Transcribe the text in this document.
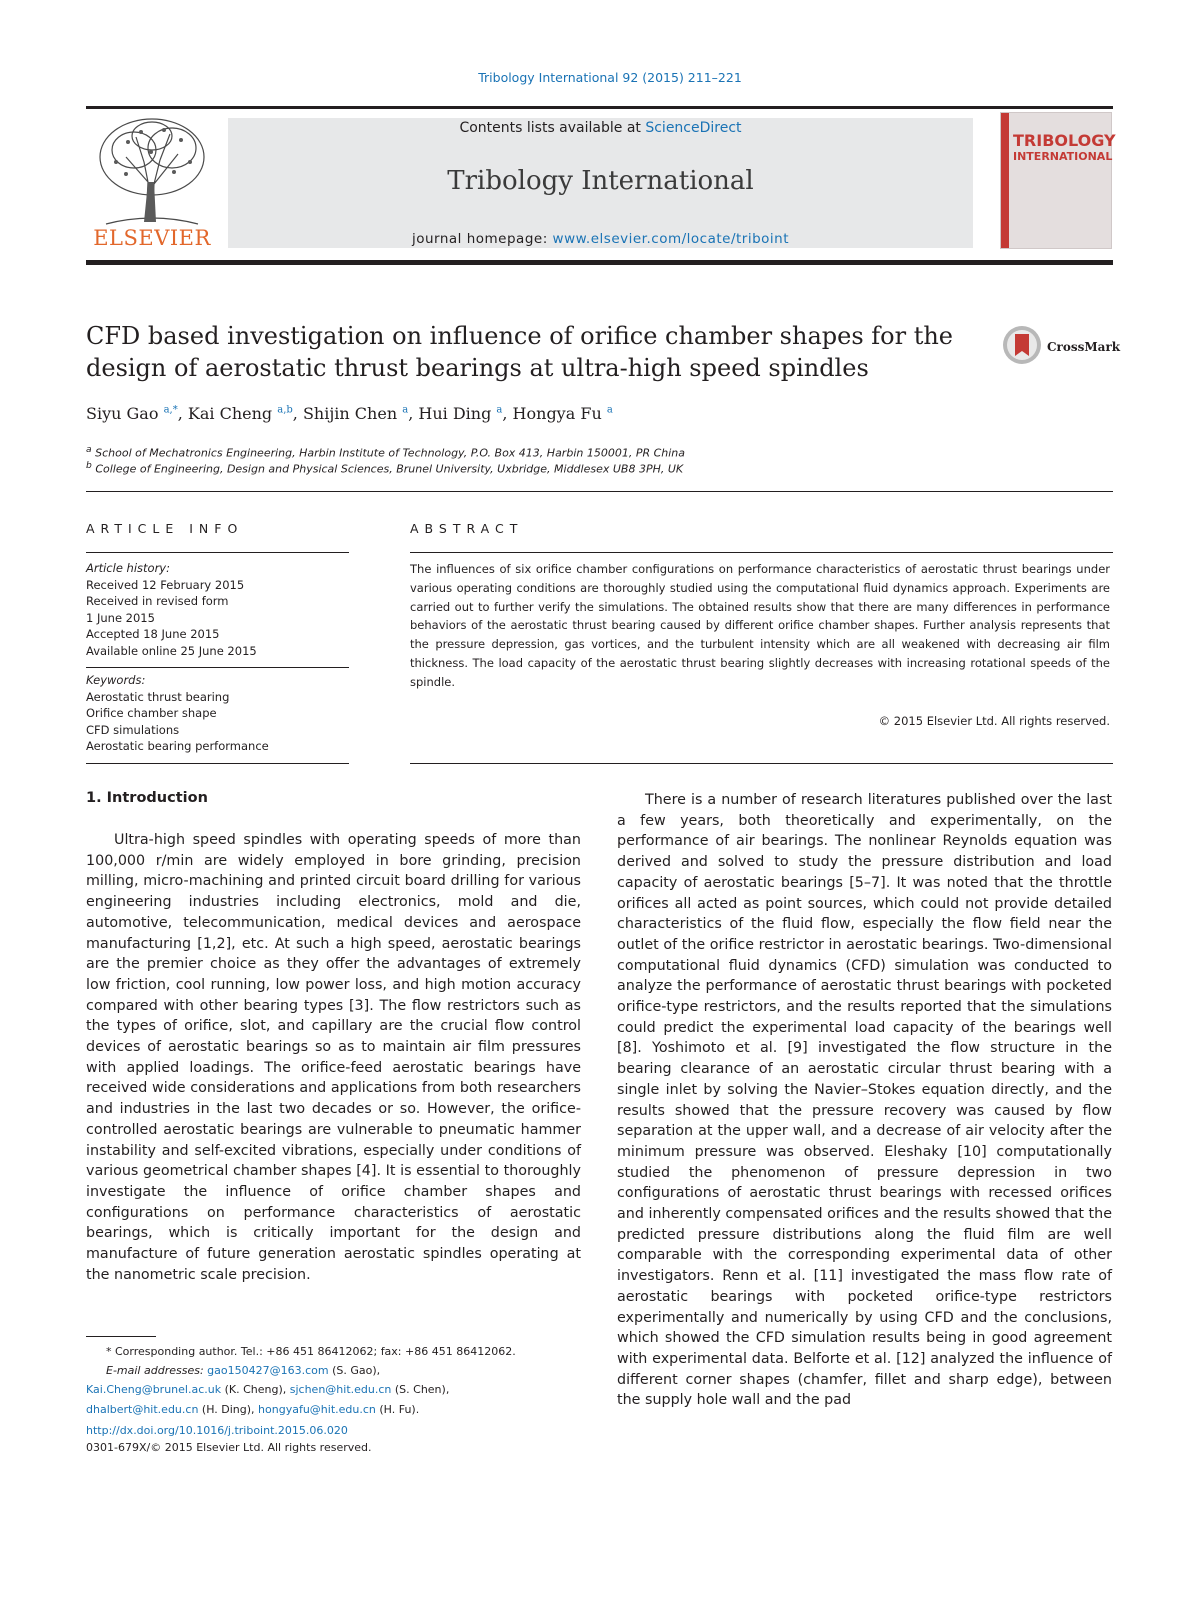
Tribology International 92 (2015) 211–221
ELSEVIER
Contents lists available at ScienceDirect
Tribology International
journal homepage: www.elsevier.com/locate/triboint
TRIBOLOGY
INTERNATIONAL
CFD based investigation on influence of orifice chamber shapes for the design of aerostatic thrust bearings at ultra-high speed spindles
CrossMark
Siyu Gao $^{a,*}$, Kai Cheng $^{a,b}$, Shijin Chen $^a$, Hui Ding $^a$, Hongya Fu $^a$
$^a$ School of Mechatronics Engineering, Harbin Institute of Technology, P.O. Box 413, Harbin 150001, PR China
$^b$ College of Engineering, Design and Physical Sciences, Brunel University, Uxbridge, Middlesex UB8 3PH, UK
ARTICLE INFO	ABSTRACT
Article history:
Received 12 February 2015
Received in revised form
1 June 2015
Accepted 18 June 2015
Available online 25 June 2015
Keywords:
Aerostatic thrust bearing
Orifice chamber shape
CFD simulations
Aerostatic bearing performance
The influences of six orifice chamber configurations on performance characteristics of aerostatic thrust bearings under various operating conditions are thoroughly studied using the computational fluid dynamics approach. Experiments are carried out to further verify the simulations. The obtained results show that there are many differences in performance behaviors of the aerostatic thrust bearing caused by different orifice chamber shapes. Further analysis represents that the pressure depression, gas vortices, and the turbulent intensity which are all weakened with decreasing air film thickness. The load capacity of the aerostatic thrust bearing slightly decreases with increasing rotational speeds of the spindle.
© 2015 Elsevier Ltd. All rights reserved.
1. Introduction
Ultra-high speed spindles with operating speeds of more than 100,000 r/min are widely employed in bore grinding, precision milling, micro-machining and printed circuit board drilling for various engineering industries including electronics, mold and die, automotive, telecommunication, medical devices and aerospace manufacturing [1,2], etc. At such a high speed, aerostatic bearings are the premier choice as they offer the advantages of extremely low friction, cool running, low power loss, and high motion accuracy compared with other bearing types [3]. The flow restrictors such as the types of orifice, slot, and capillary are the crucial flow control devices of aerostatic bearings so as to maintain air film pressures with applied loadings. The orifice-feed aerostatic bearings have received wide considerations and applications from both researchers and industries in the last two decades or so. However, the orifice-controlled aerostatic bearings are vulnerable to pneumatic hammer instability and self-excited vibrations, especially under conditions of various geometrical chamber shapes [4]. It is essential to thoroughly investigate the influence of orifice chamber shapes and configurations on performance characteristics of aerostatic bearings, which is critically important for the design and manufacture of future generation aerostatic spindles operating at the nanometric scale precision.
There is a number of research literatures published over the last a few years, both theoretically and experimentally, on the performance of air bearings. The nonlinear Reynolds equation was derived and solved to study the pressure distribution and load capacity of aerostatic bearings [5–7]. It was noted that the throttle orifices all acted as point sources, which could not provide detailed characteristics of the fluid flow, especially the flow field near the outlet of the orifice restrictor in aerostatic bearings. Two-dimensional computational fluid dynamics (CFD) simulation was conducted to analyze the performance of aerostatic thrust bearings with pocketed orifice-type restrictors, and the results reported that the simulations could predict the experimental load capacity of the bearings well [8]. Yoshimoto et al. [9] investigated the flow structure in the bearing clearance of an aerostatic circular thrust bearing with a single inlet by solving the Navier–Stokes equation directly, and the results showed that the pressure recovery was caused by flow separation at the upper wall, and a decrease of air velocity after the minimum pressure was observed. Eleshaky [10] computationally studied the phenomenon of pressure depression in two configurations of aerostatic thrust bearings with recessed orifices and inherently compensated orifices and the results showed that the predicted pressure distributions along the fluid film are well comparable with the corresponding experimental data of other investigators. Renn et al. [11] investigated the mass flow rate of aerostatic bearings with pocketed orifice-type restrictors experimentally and numerically by using CFD and the conclusions, which showed the CFD simulation results being in good agreement with experimental data. Belforte et al. [12] analyzed the influence of different corner shapes (chamfer, fillet and sharp edge), between the supply hole wall and the pad
* Corresponding author. Tel.: +86 451 86412062; fax: +86 451 86412062.
E-mail addresses: gao150427@163.com (S. Gao),
Kai.Cheng@brunel.ac.uk (K. Cheng), sjchen@hit.edu.cn (S. Chen),
dhalbert@hit.edu.cn (H. Ding), hongyafu@hit.edu.cn (H. Fu).
http://dx.doi.org/10.1016/j.triboint.2015.06.020
0301-679X/© 2015 Elsevier Ltd. All rights reserved.
